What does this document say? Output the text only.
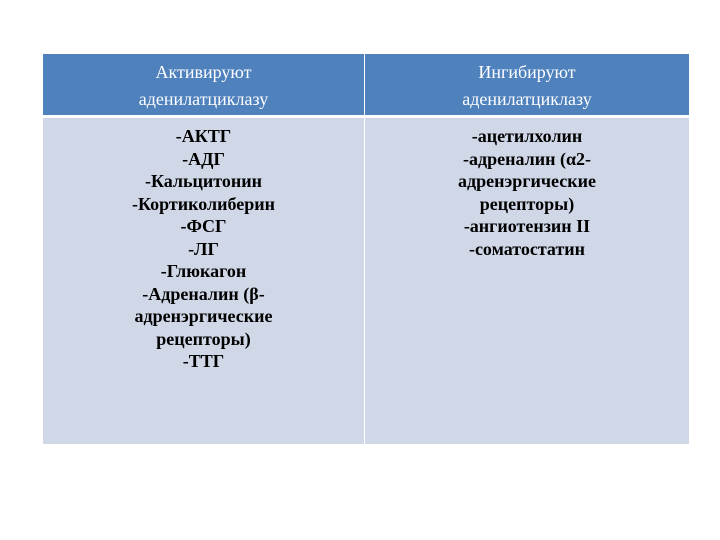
Активируют
аденилатциклазу
Ингибируют
аденилатциклазу
-АКТГ
-АДГ
-Кальцитонин
-Кортиколиберин
-ФСГ
-ЛГ
-Глюкагон
-Адреналин (β-
адренэргические
рецепторы)
-ТТГ
-ацетилхолин
-адреналин (α2-
адренэргические
рецепторы)
-ангиотензин II
-соматостатин
